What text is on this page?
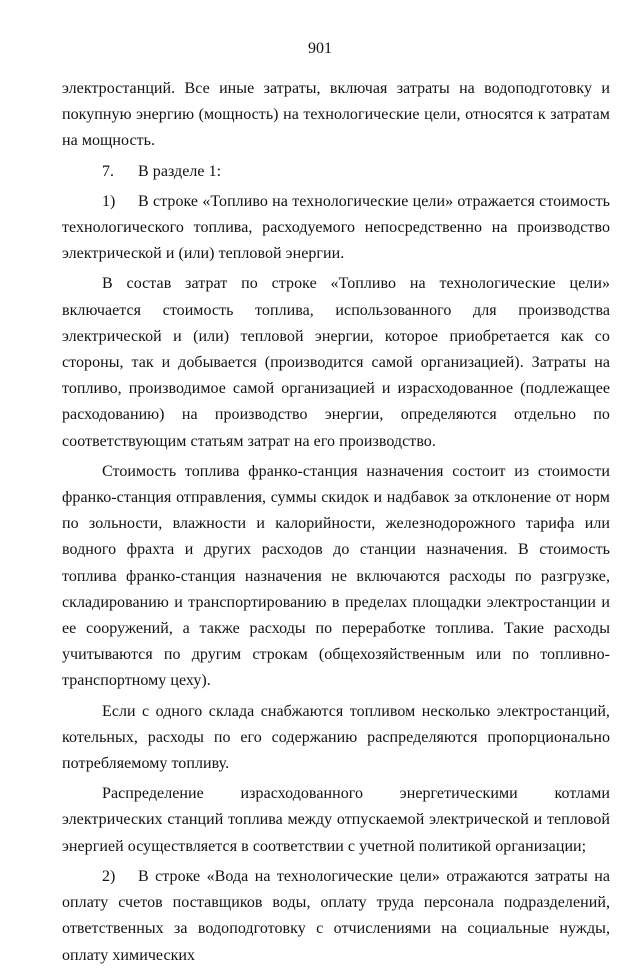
901

электростанций. Все иные затраты, включая затраты на водоподготовку и покупную энергию (мощность) на технологические цели, относятся к затратам на мощность.

7. В разделе 1:

1) В строке «Топливо на технологические цели» отражается стоимость технологического топлива, расходуемого непосредственно на производство электрической и (или) тепловой энергии.

В состав затрат по строке «Топливо на технологические цели» включается стоимость топлива, использованного для производства электрической и (или) тепловой энергии, которое приобретается как со стороны, так и добывается (производится самой организацией). Затраты на топливо, производимое самой организацией и израсходованное (подлежащее расходованию) на производство энергии, определяются отдельно по соответствующим статьям затрат на его производство.

Стоимость топлива франко-станция назначения состоит из стоимости франко-станция отправления, суммы скидок и надбавок за отклонение от норм по зольности, влажности и калорийности, железнодорожного тарифа или водного фрахта и других расходов до станции назначения. В стоимость топлива франко-станция назначения не включаются расходы по разгрузке, складированию и транспортированию в пределах площадки электростанции и ее сооружений, а также расходы по переработке топлива. Такие расходы учитываются по другим строкам (общехозяйственным или по топливно-транспортному цеху).

Если с одного склада снабжаются топливом несколько электростанций, котельных, расходы по его содержанию распределяются пропорционально потребляемому топливу.

Распределение израсходованного энергетическими котлами электрических станций топлива между отпускаемой электрической и тепловой энергией осуществляется в соответствии с учетной политикой организации;

2) В строке «Вода на технологические цели» отражаются затраты на оплату счетов поставщиков воды, оплату труда персонала подразделений, ответственных за водоподготовку с отчислениями на социальные нужды, оплату химических
